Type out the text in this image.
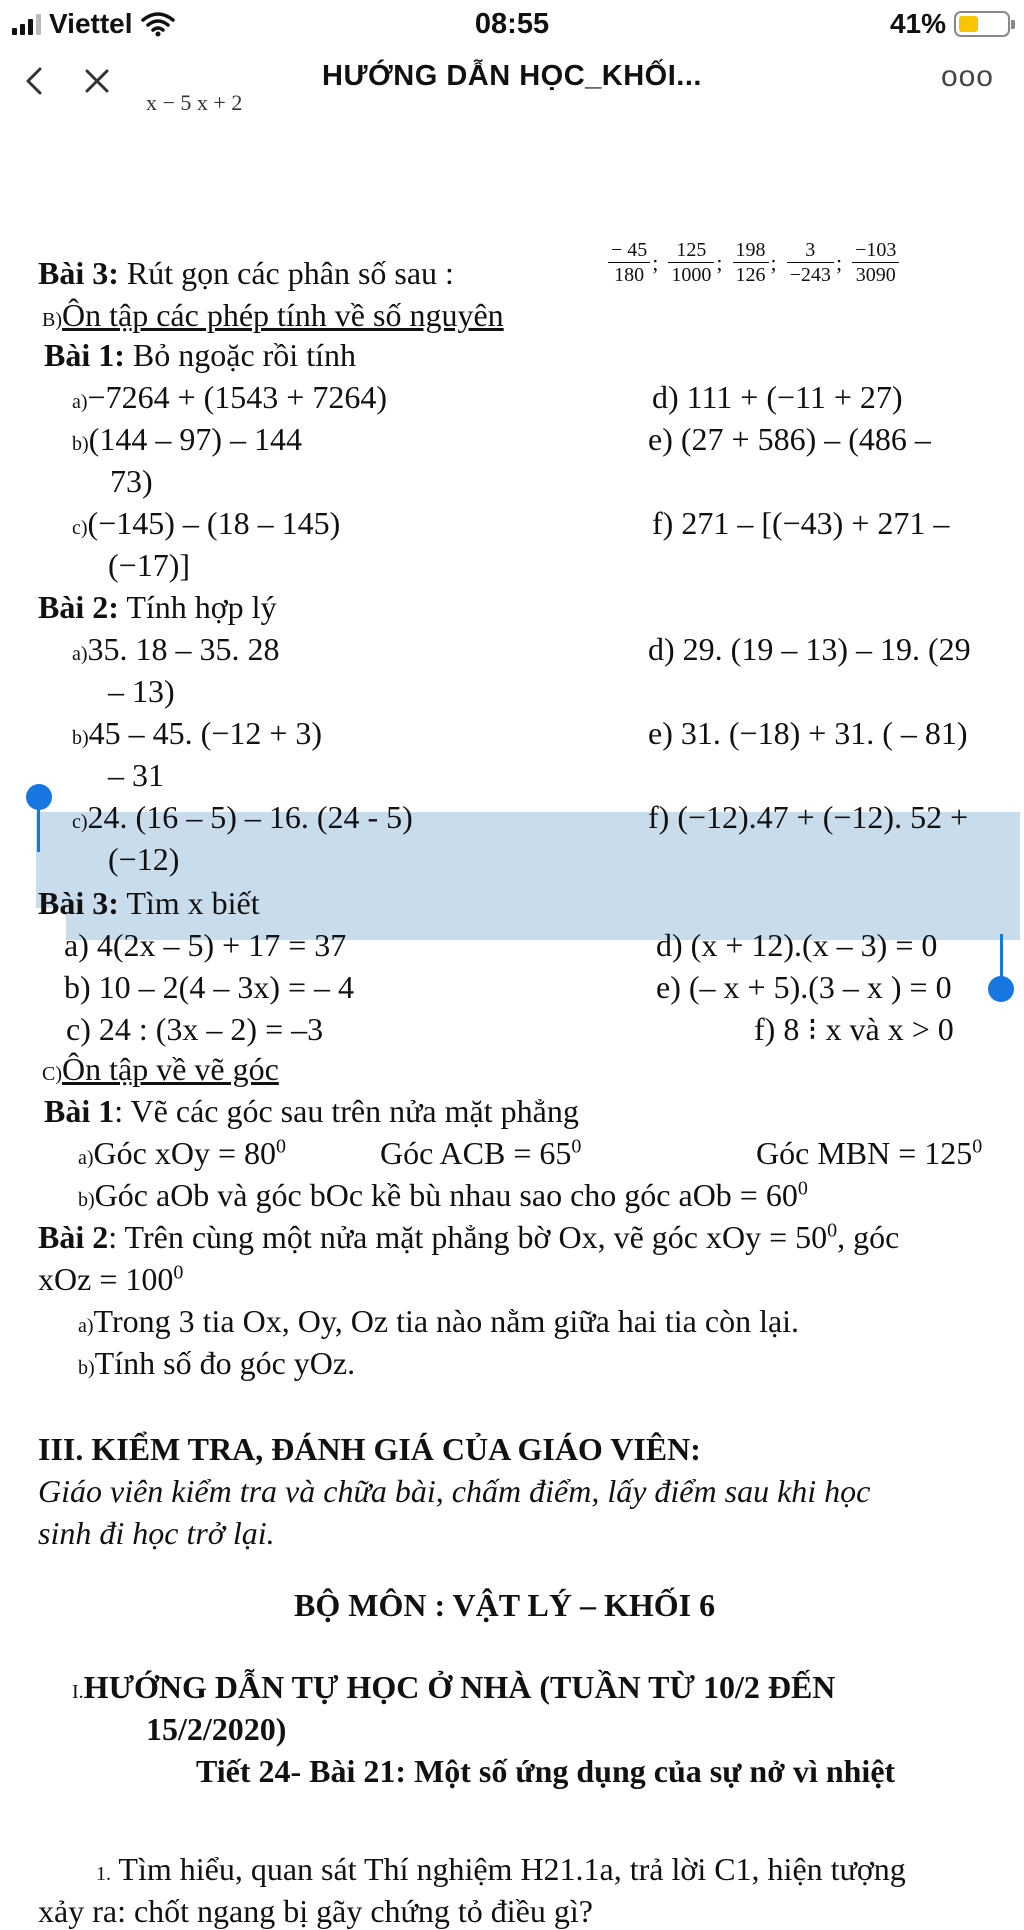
Viettel	08:55	41%
HƯỚNG DẪN HỌC_KHỐI...	ooo
x − 5 x + 2
Bài 3: Rút gọn các phân số sau :	$\frac{- 45}{180}$ ; $\frac{125}{1000}$ ; $\frac{198}{126}$ ; $\frac{3}{-243}$ ; $\frac{-103}{3090}$
B)Ôn tập các phép tính về số nguyên
Bài 1: Bỏ ngoặc rồi tính
a)−7264 + (1543 + 7264)	d) 111 + (−11 + 27)
b)(144 – 97) – 144	e) (27 + 586) – (486 –
73)
c)(−145) – (18 – 145)	f) 271 – [(−43) + 271 –
(−17)]
Bài 2: Tính hợp lý
a)35. 18 – 35. 28	d) 29. (19 – 13) – 19. (29
– 13)
b)45 – 45. (−12 + 3)	e) 31. (−18) + 31. ( – 81)
– 31
c)24. (16 – 5) – 16. (24 - 5)	f) (−12).47 + (−12). 52 +
(−12)
Bài 3: Tìm x biết
a) 4(2x – 5) + 17 = 37	d) (x + 12).(x – 3) = 0
b) 10 – 2(4 – 3x) = – 4	e) (– x + 5).(3 – x ) = 0
c) 24 : (3x – 2) = –3	f) 8 ⁝ x và x > 0
C)Ôn tập về vẽ góc
Bài 1: Vẽ các góc sau trên nửa mặt phẳng
a)Góc xOy = $80^0$	Góc ACB = $65^0$	Góc MBN = $125^0$
b)Góc aOb và góc bOc kề bù nhau sao cho góc aOb = $60^0$
Bài 2: Trên cùng một nửa mặt phẳng bờ Ox, vẽ góc xOy = $50^0$, góc
xOz = $100^0$
a)Trong 3 tia Ox, Oy, Oz tia nào nằm giữa hai tia còn lại.
b)Tính số đo góc yOz.
III. KIỂM TRA, ĐÁNH GIÁ CỦA GIÁO VIÊN:
Giáo viên kiểm tra và chữa bài, chấm điểm, lấy điểm sau khi học
sinh đi học trở lại.
BỘ MÔN : VẬT LÝ – KHỐI 6
I.HƯỚNG DẪN TỰ HỌC Ở NHÀ (TUẦN TỪ 10/2 ĐẾN
15/2/2020)
Tiết 24- Bài 21: Một số ứng dụng của sự nở vì nhiệt
1. Tìm hiểu, quan sát Thí nghiệm H21.1a, trả lời C1, hiện tượng
xảy ra: chốt ngang bị gãy chứng tỏ điều gì?
